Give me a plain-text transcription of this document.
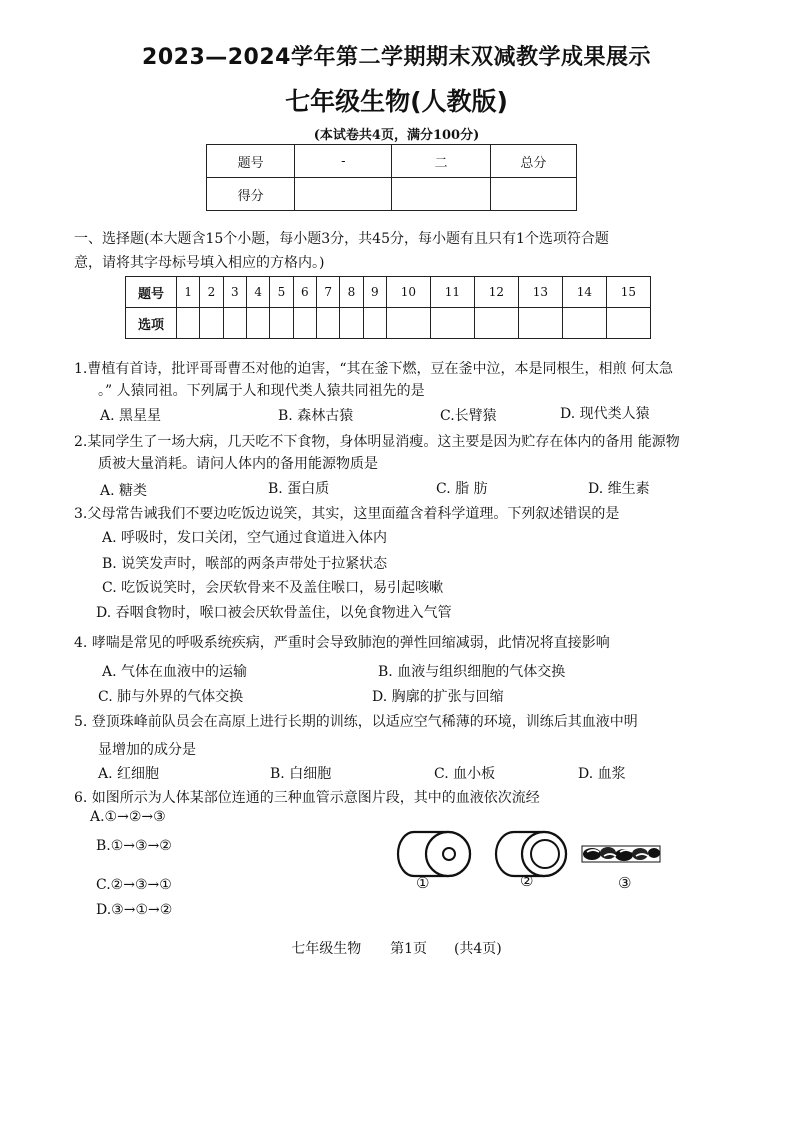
2023—2024学年第二学期期末双减教学成果展示
七年级生物(人教版)
(本试卷共4页，满分100分)
题号	-	二	总分
得分			
一、选择题(本大题含15个小题，每小题3分，共45分，每小题有且只有1个选项符合题
意，请将其字母标号填入相应的方格内。)
题号	1	2	3	4	5	6	7	8	9	10	11	12	13	14	15
选项															
1.曹植有首诗，批评哥哥曹丕对他的迫害，“其在釜下燃，豆在釜中泣，本是同根生，相煎 何太急
。” 人猿同祖。下列属于人和现代类人猿共同祖先的是
A. 黑星星	B. 森林古猿	C.长臂猿	D. 现代类人猿
2.某同学生了一场大病，几天吃不下食物，身体明显消瘦。这主要是因为贮存在体内的备用 能源物
质被大量消耗。请问人体内的备用能源物质是
A. 糖类	B. 蛋白质	C. 脂 肪	D. 维生素
3.父母常告诫我们不要边吃饭边说笑，其实，这里面蕴含着科学道理。下列叙述错误的是
A. 呼吸时，发口关闭，空气通过食道进入体内
B. 说笑发声时，喉部的两条声带处于拉紧状态
C. 吃饭说笑时，会厌软骨来不及盖住喉口，易引起咳嗽
D. 吞咽食物时，喉口被会厌软骨盖住，以免食物进入气管
4. 哮喘是常见的呼吸系统疾病，严重时会导致肺泡的弹性回缩减弱，此情况将直接影响
A. 气体在血液中的运输	B. 血液与组织细胞的气体交换
C. 肺与外界的气体交换	D. 胸廓的扩张与回缩
5. 登顶珠峰前队员会在高原上进行长期的训练，以适应空气稀薄的环境，训练后其血液中明
显增加的成分是
A. 红细胞	B. 白细胞	C. 血小板	D. 血浆
6. 如图所示为人体某部位连通的三种血管示意图片段，其中的血液依次流经
A.①→②→③
B.①→③→②
C.②→③→①
D.③→①→②
①	②	③
七年级生物 第1页 (共4页)
